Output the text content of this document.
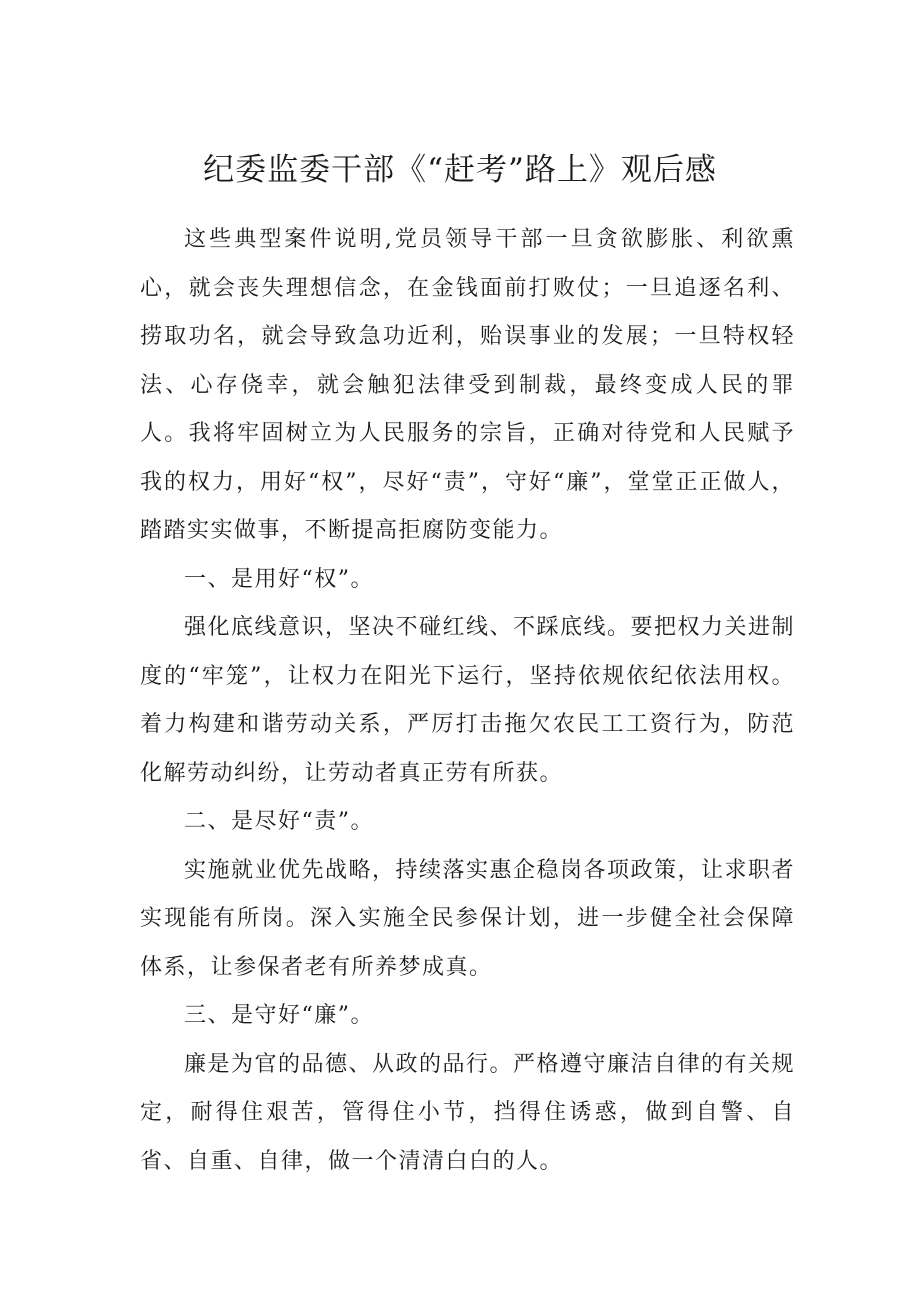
纪委监委干部《“赶考”路上》观后感

这些典型案件说明,党员领导干部一旦贪欲膨胀、利欲熏心，就会丧失理想信念，在金钱面前打败仗；一旦追逐名利、捞取功名，就会导致急功近利，贻误事业的发展；一旦特权轻法、心存侥幸，就会触犯法律受到制裁，最终变成人民的罪人。我将牢固树立为人民服务的宗旨，正确对待党和人民赋予我的权力，用好“权”，尽好“责”，守好“廉”，堂堂正正做人，踏踏实实做事，不断提高拒腐防变能力。

一、是用好“权”。

强化底线意识，坚决不碰红线、不踩底线。要把权力关进制度的“牢笼”，让权力在阳光下运行，坚持依规依纪依法用权。着力构建和谐劳动关系，严厉打击拖欠农民工工资行为，防范化解劳动纠纷，让劳动者真正劳有所获。

二、是尽好“责”。

实施就业优先战略，持续落实惠企稳岗各项政策，让求职者实现能有所岗。深入实施全民参保计划，进一步健全社会保障体系，让参保者老有所养梦成真。

三、是守好“廉”。

廉是为官的品德、从政的品行。严格遵守廉洁自律的有关规定，耐得住艰苦，管得住小节，挡得住诱惑，做到自警、自省、自重、自律，做一个清清白白的人。
